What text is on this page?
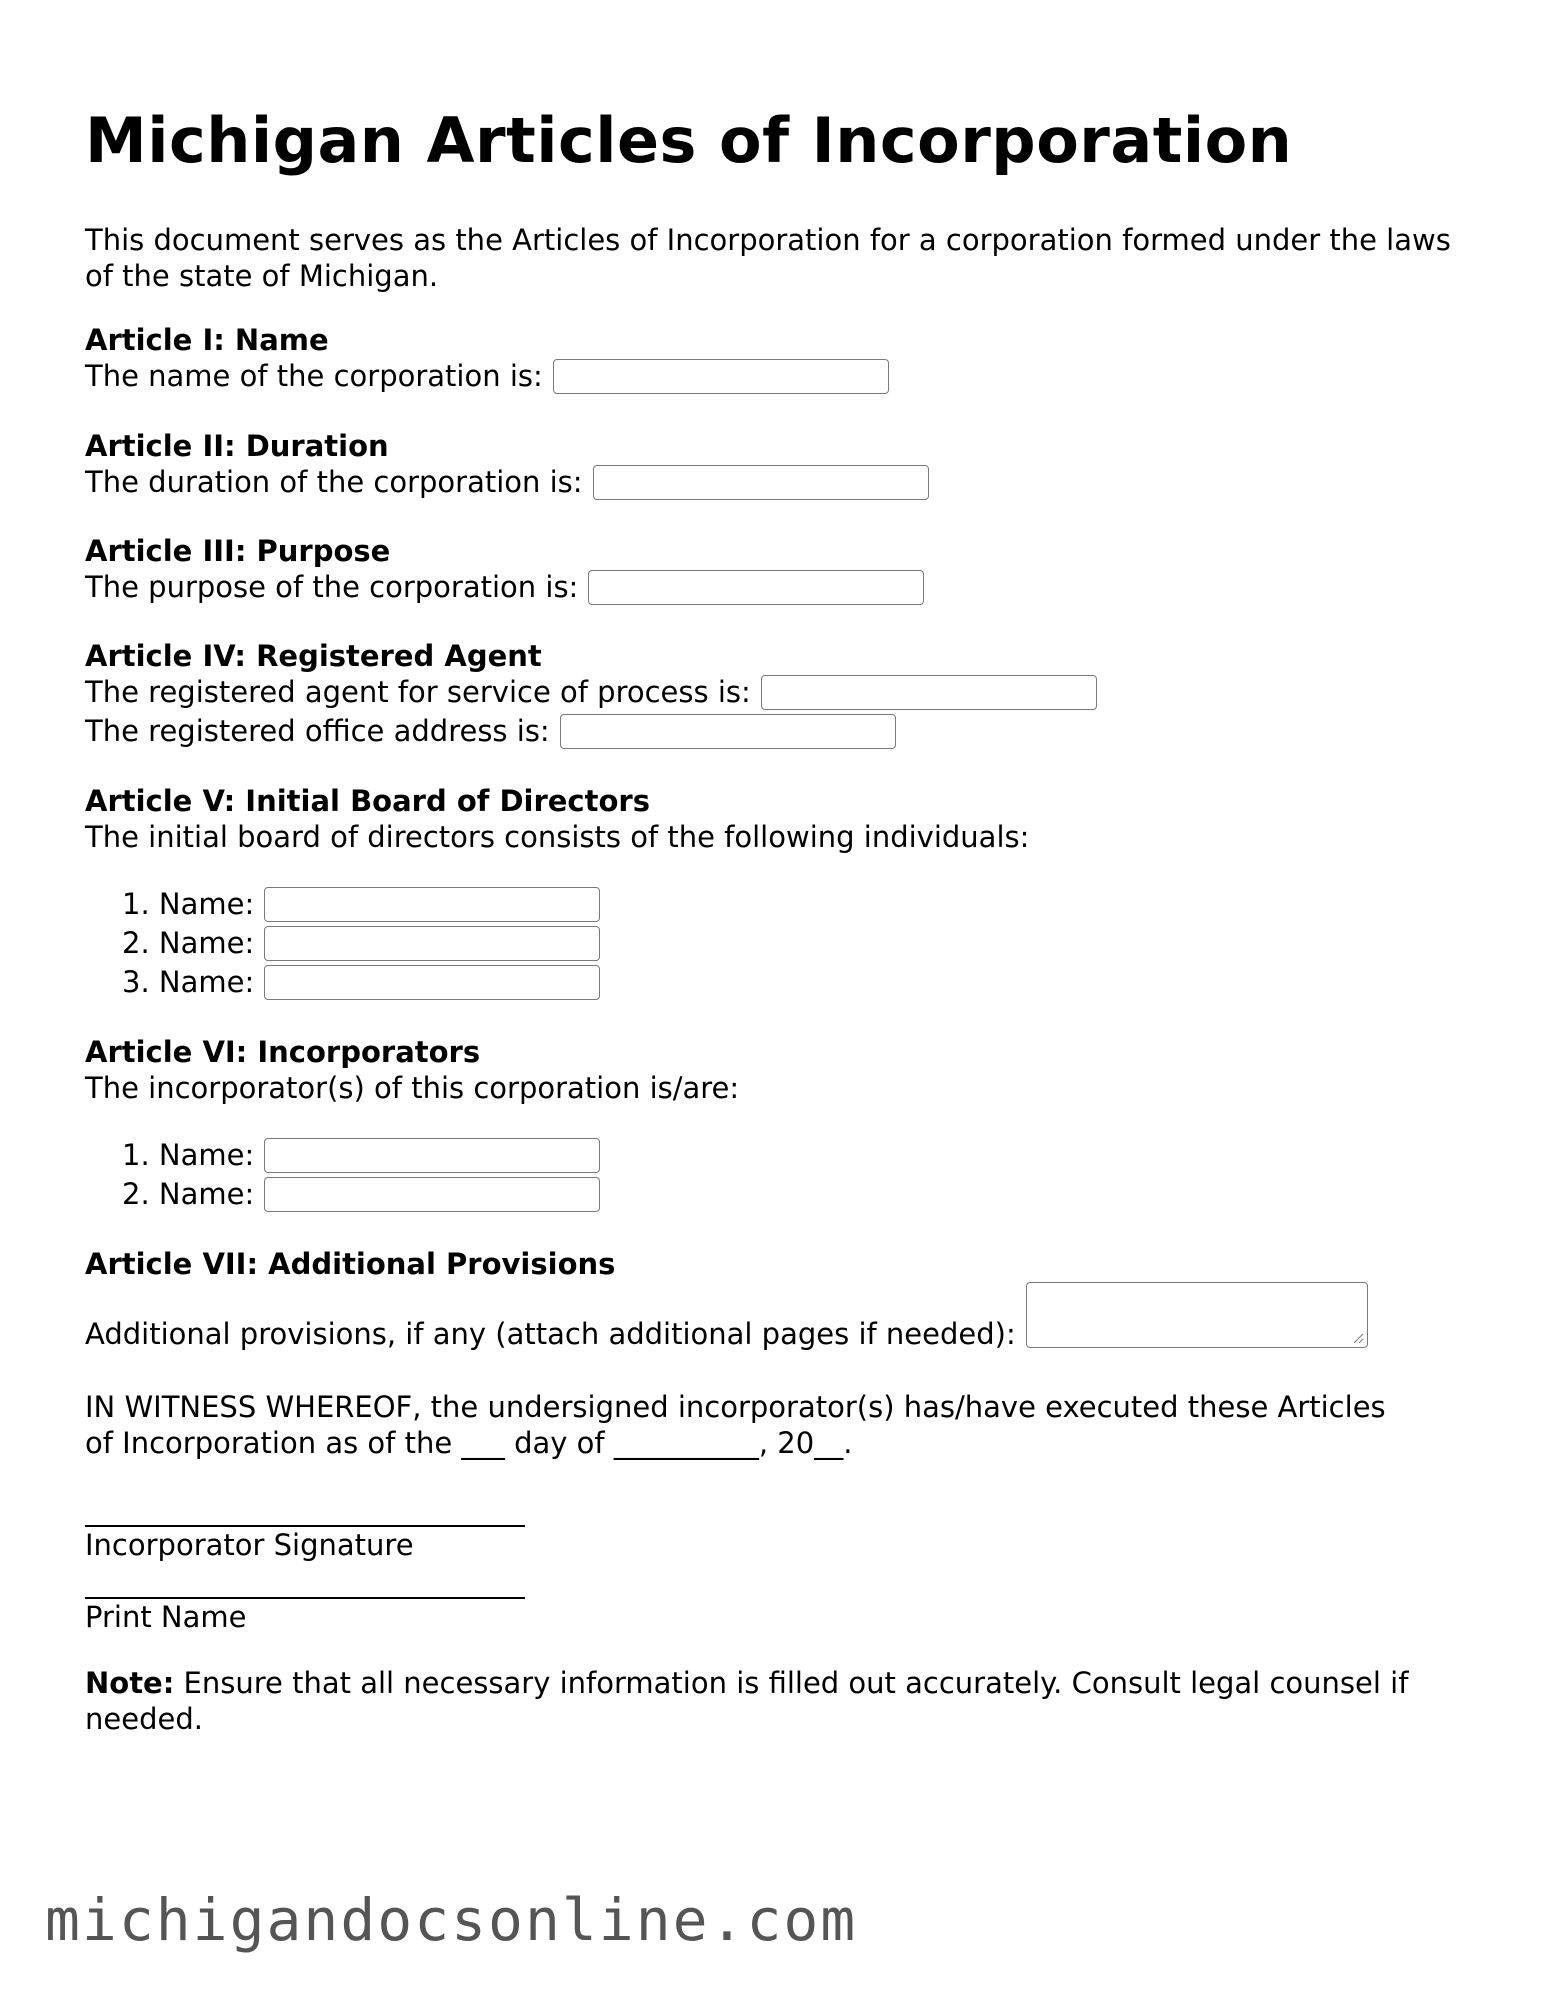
Michigan Articles of Incorporation

This document serves as the Articles of Incorporation for a corporation formed under the laws of the state of Michigan.

Article I: Name
The name of the corporation is:
Article II: Duration
The duration of the corporation is:
Article III: Purpose
The purpose of the corporation is:
Article IV: Registered Agent
The registered agent for service of process is:
The registered office address is:
Article V: Initial Board of Directors
The initial board of directors consists of the following individuals:
1. Name:
2. Name:
3. Name:
Article VI: Incorporators
The incorporator(s) of this corporation is/are:
1. Name:
2. Name:
Article VII: Additional Provisions
Additional provisions, if any (attach additional pages if needed):
IN WITNESS WHEREOF, the undersigned incorporator(s) has/have executed these Articles
of Incorporation as of the ___ day of __________, 20__.
Incorporator Signature
Print Name

Note: Ensure that all necessary information is filled out accurately. Consult legal counsel if needed.

michigandocsonline.com
